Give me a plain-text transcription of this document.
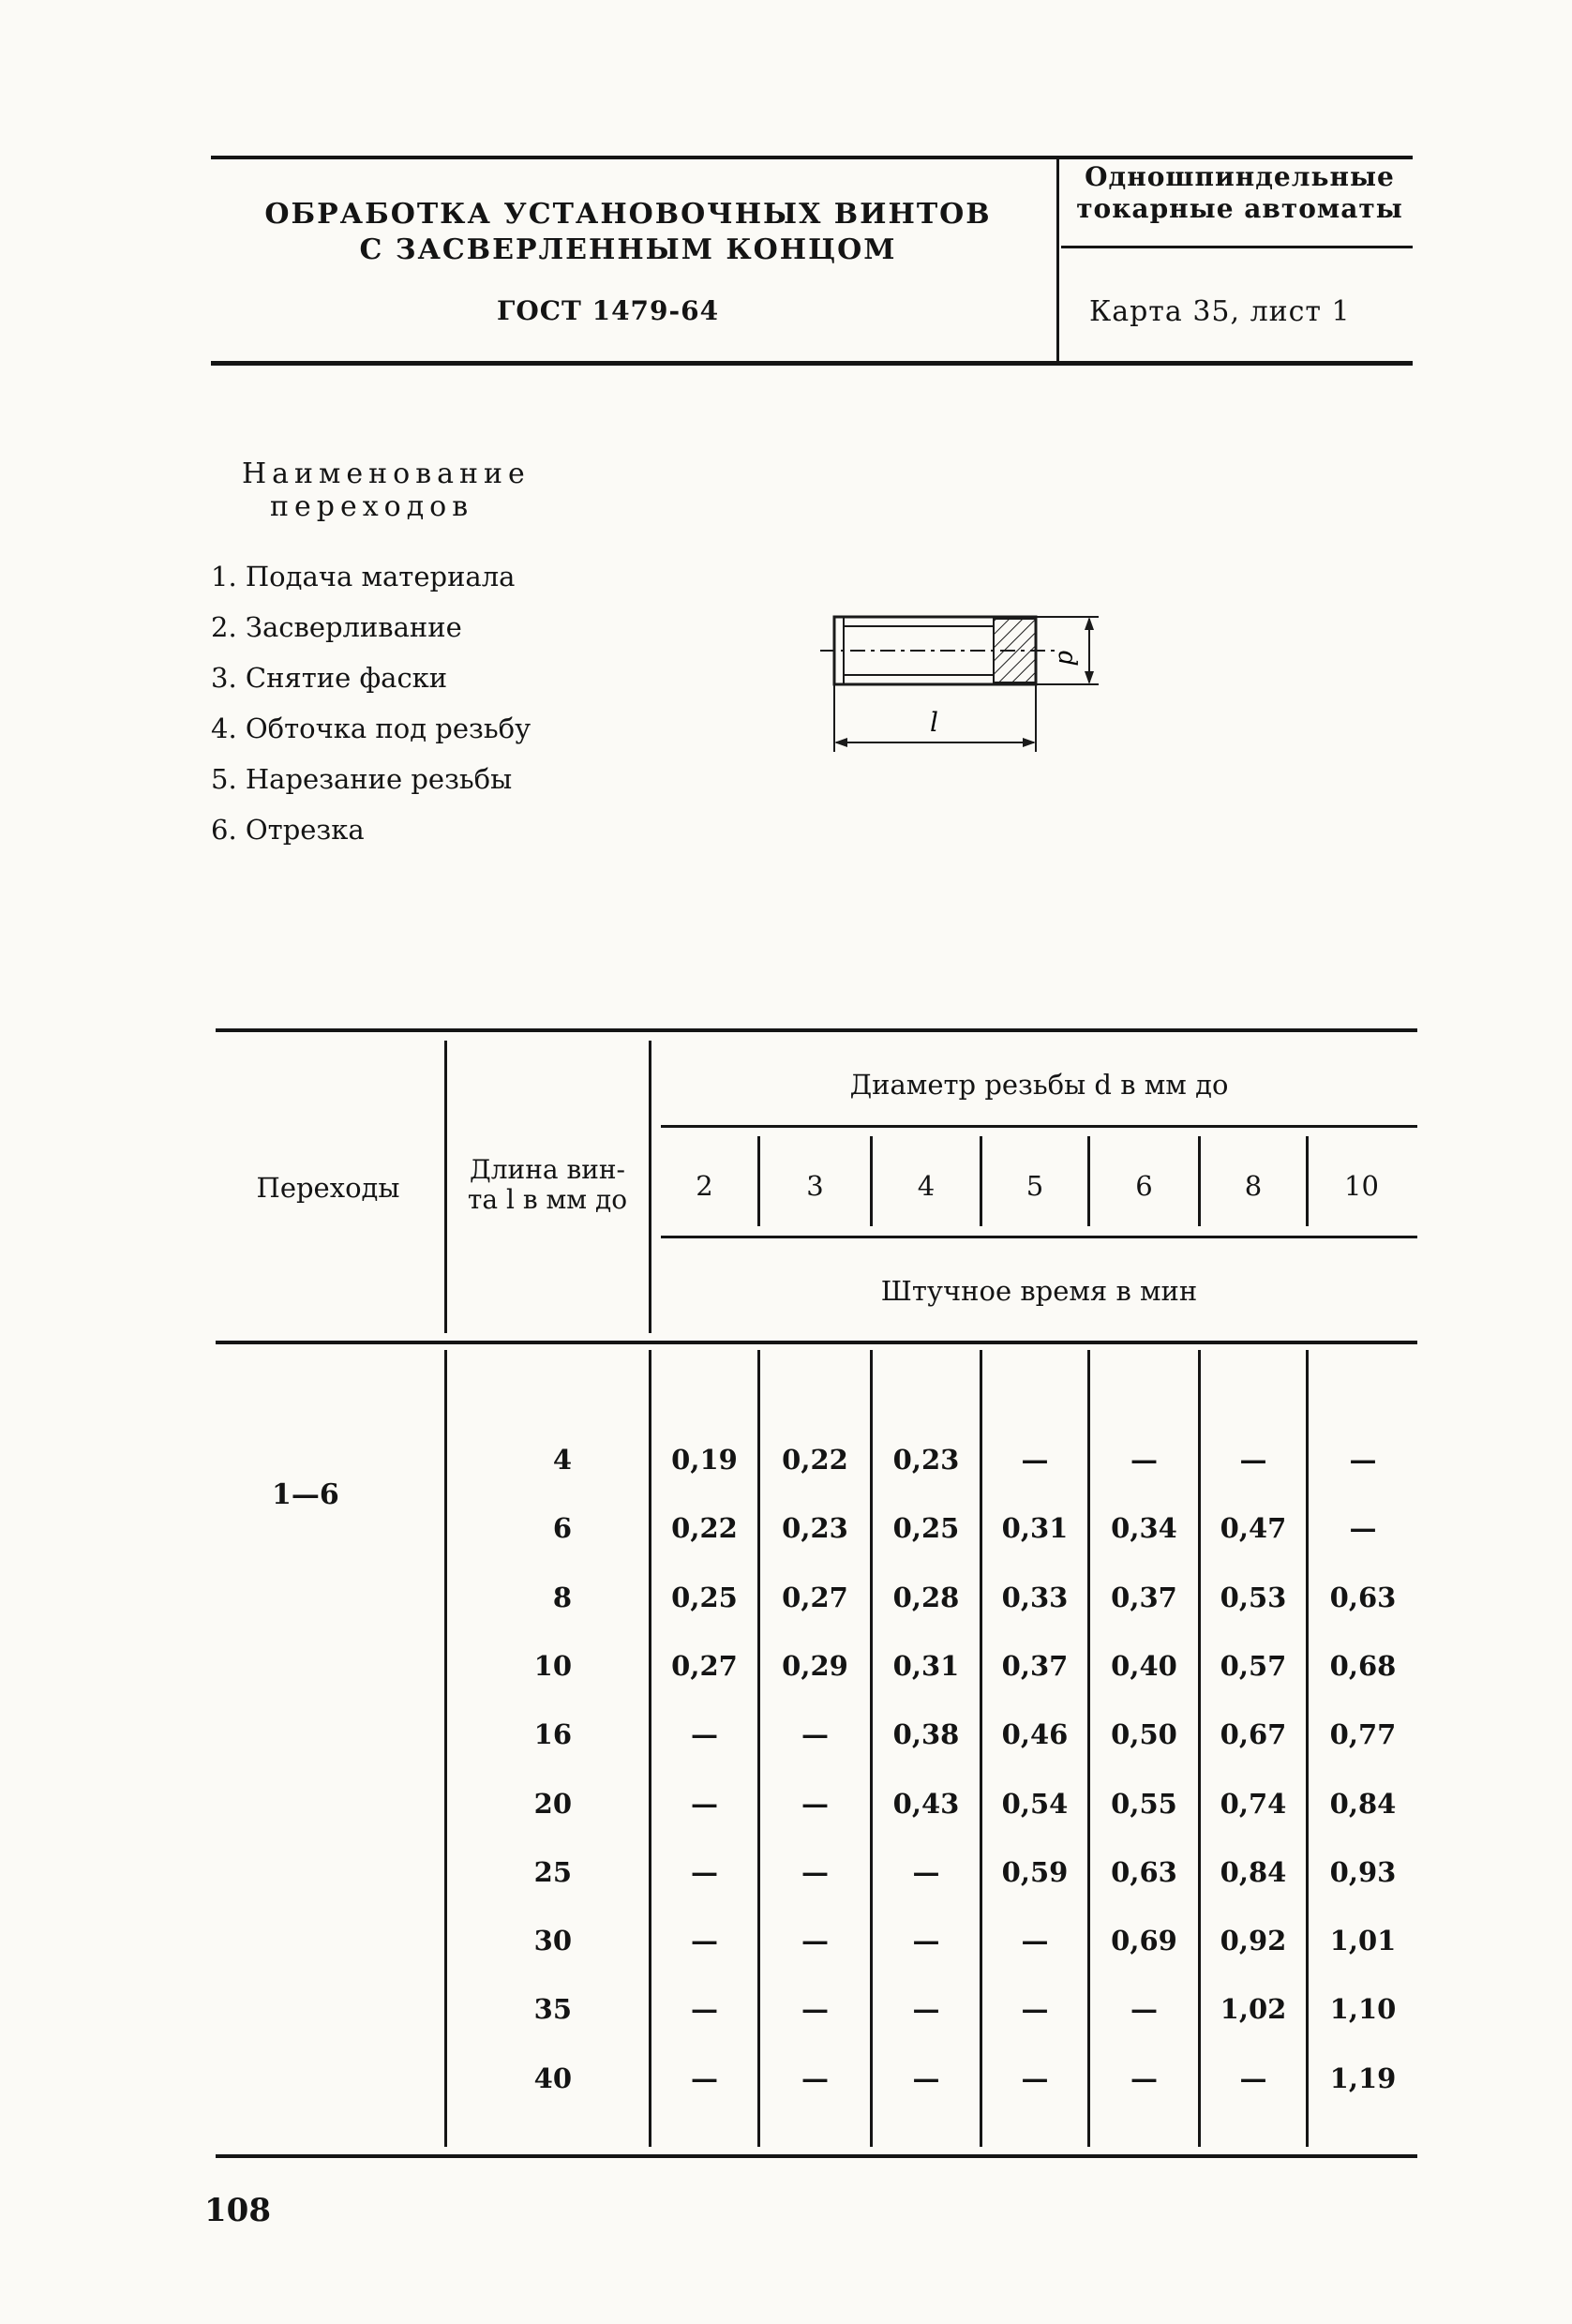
ОБРАБОТКА УСТАНОВОЧНЫХ ВИНТОВ
С ЗАСВЕРЛЕННЫМ КОНЦОМ
ГОСТ 1479-64
Одношпиндельные
токарные автоматы
Карта 35, лист 1
Наименование
переходов
1. Подача материала
2. Засверливание
3. Снятие фаски
4. Обточка под резьбу
5. Нарезание резьбы
6. Отрезка
d
l
Переходы
Длина вин-
та l в мм до
Диаметр резьбы d в мм до
Штучное время в мин
2	3	4	5	6	8	10
1—6
4	0,19	0,22	0,23	—	—	—	—
6	0,22	0,23	0,25	0,31	0,34	0,47	—
8	0,25	0,27	0,28	0,33	0,37	0,53	0,63
10	0,27	0,29	0,31	0,37	0,40	0,57	0,68
16	—	—	0,38	0,46	0,50	0,67	0,77
20	—	—	0,43	0,54	0,55	0,74	0,84
25	—	—	—	0,59	0,63	0,84	0,93
30	—	—	—	—	0,69	0,92	1,01
35	—	—	—	—	—	1,02	1,10
40	—	—	—	—	—	—	1,19
108
